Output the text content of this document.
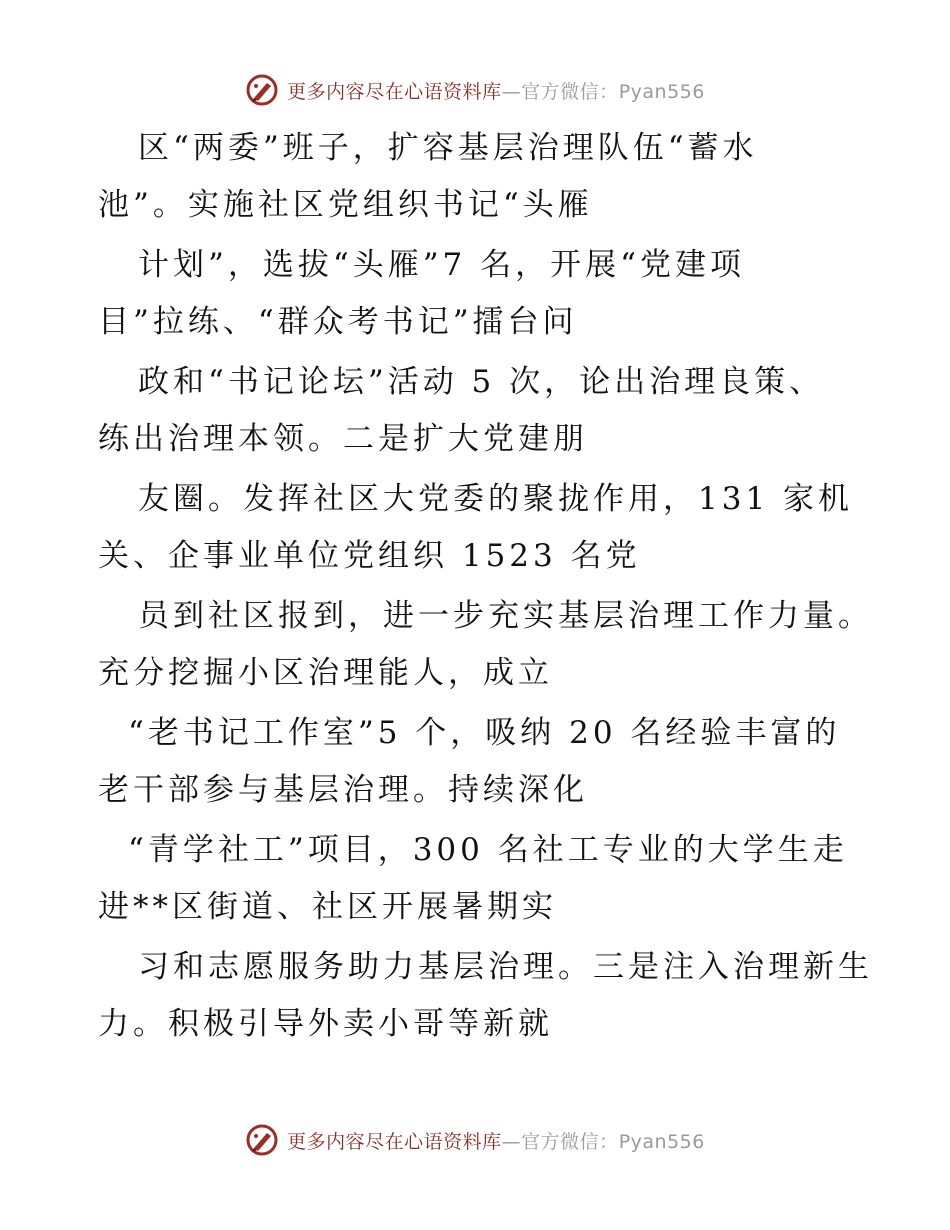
更多内容尽在心语资料库—官方微信：Pyan556
区“两委”班子，扩容基层治理队伍“蓄水
池”。实施社区党组织书记“头雁
计划”，选拔“头雁”7 名，开展“党建项
目”拉练、“群众考书记”擂台问
政和“书记论坛”活动 5 次，论出治理良策、
练出治理本领。二是扩大党建朋
友圈。发挥社区大党委的聚拢作用，131 家机
关、企事业单位党组织 1523 名党
员到社区报到，进一步充实基层治理工作力量。
充分挖掘小区治理能人，成立
“老书记工作室”5 个，吸纳 20 名经验丰富的
老干部参与基层治理。持续深化
“青学社工”项目，300 名社工专业的大学生走
进**区街道、社区开展暑期实
习和志愿服务助力基层治理。三是注入治理新生
力。积极引导外卖小哥等新就
更多内容尽在心语资料库—官方微信：Pyan556
